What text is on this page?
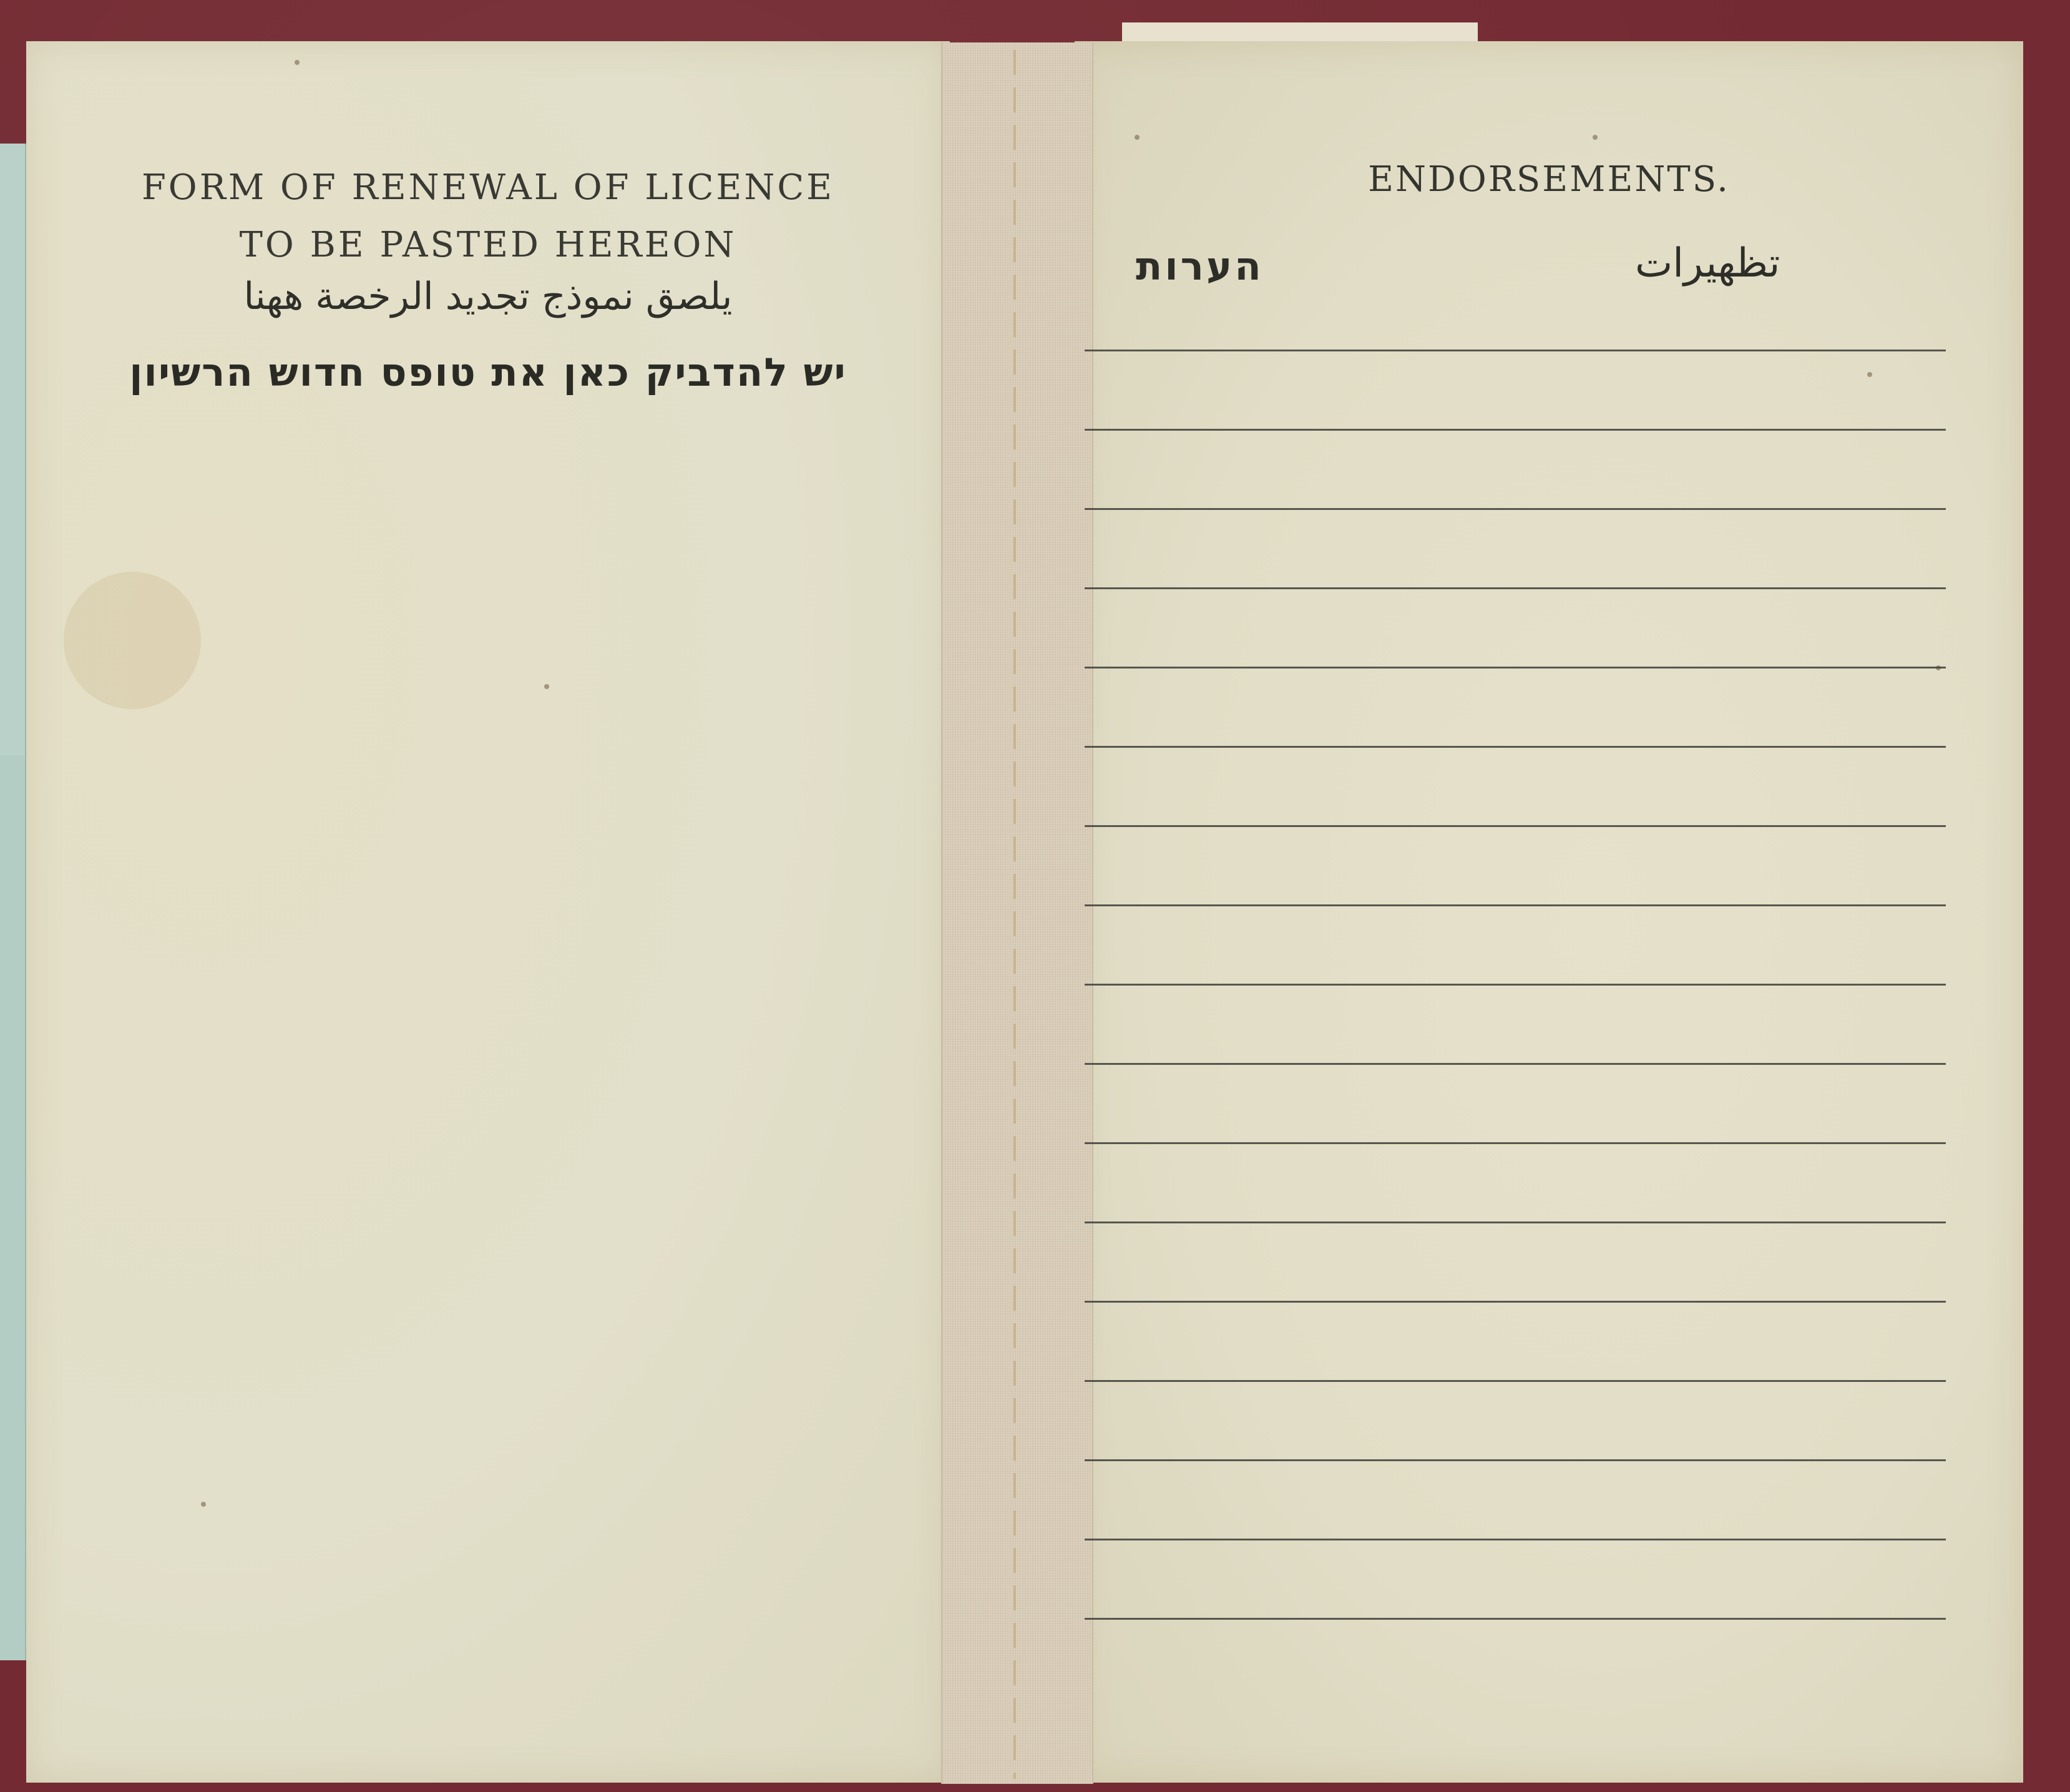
FORM OF RENEWAL OF LICENCE
TO BE PASTED HEREON
يلصق نموذج تجديد الرخصة ههنا
יש להדביק כאן את טופס חדוש הרשיון
ENDORSEMENTS.
הערות	تظهيرات
